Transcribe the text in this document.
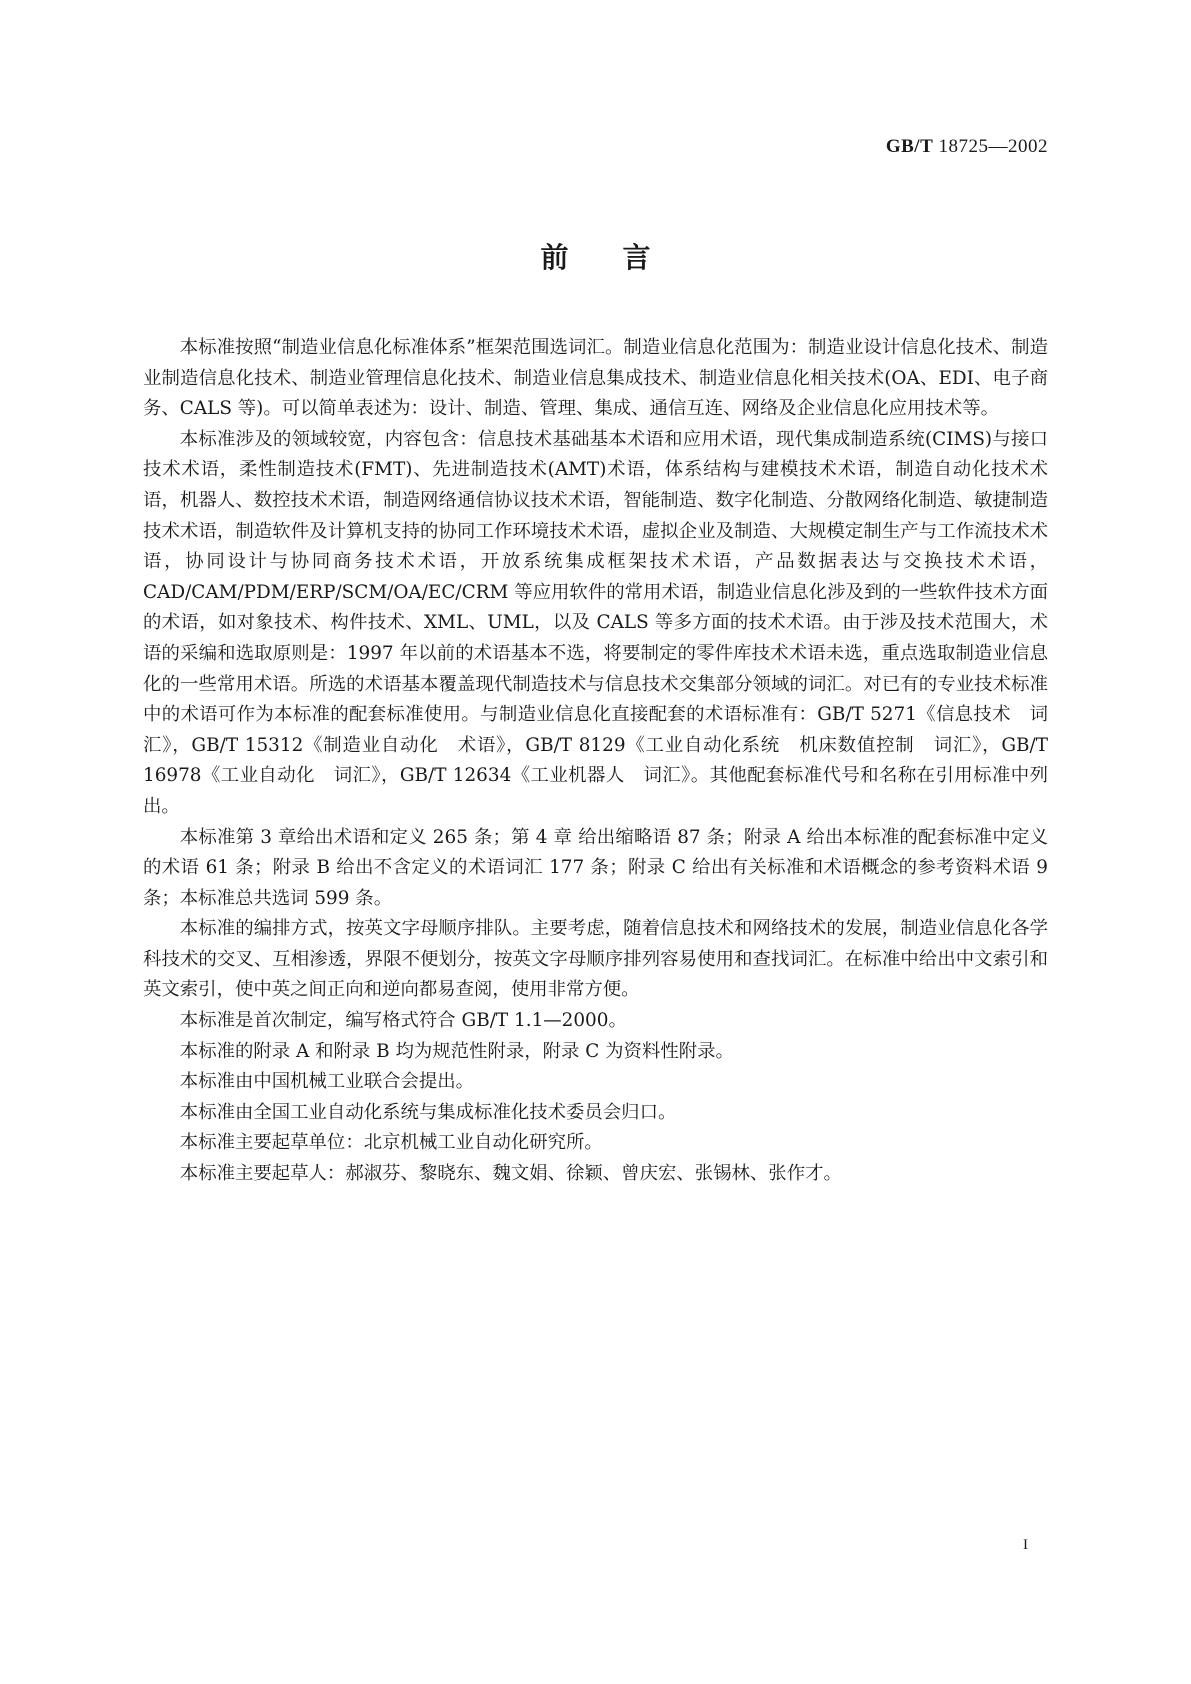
GB/T 18725—2002
前言

本标准按照“制造业信息化标准体系”框架范围选词汇。制造业信息化范围为：制造业设计信息化技术、制造业制造信息化技术、制造业管理信息化技术、制造业信息集成技术、制造业信息化相关技术(OA、EDI、电子商务、CALS 等)。可以简单表述为：设计、制造、管理、集成、通信互连、网络及企业信息化应用技术等。

本标准涉及的领域较宽，内容包含：信息技术基础基本术语和应用术语，现代集成制造系统(CIMS)与接口技术术语，柔性制造技术(FMT)、先进制造技术(AMT)术语，体系结构与建模技术术语，制造自动化技术术语，机器人、数控技术术语，制造网络通信协议技术术语，智能制造、数字化制造、分散网络化制造、敏捷制造技术术语，制造软件及计算机支持的协同工作环境技术术语，虚拟企业及制造、大规模定制生产与工作流技术术语，协同设计与协同商务技术术语，开放系统集成框架技术术语，产品数据表达与交换技术术语，CAD/CAM/PDM/ERP/SCM/OA/EC/CRM 等应用软件的常用术语，制造业信息化涉及到的一些软件技术方面的术语，如对象技术、构件技术、XML、UML，以及 CALS 等多方面的技术术语。由于涉及技术范围大，术语的采编和选取原则是：1997 年以前的术语基本不选，将要制定的零件库技术术语未选，重点选取制造业信息化的一些常用术语。所选的术语基本覆盖现代制造技术与信息技术交集部分领域的词汇。对已有的专业技术标准中的术语可作为本标准的配套标准使用。与制造业信息化直接配套的术语标准有：GB/T 5271《信息技术　词汇》，GB/T 15312《制造业自动化　术语》，GB/T 8129《工业自动化系统　机床数值控制　词汇》，GB/T 16978《工业自动化　词汇》，GB/T 12634《工业机器人　词汇》。其他配套标准代号和名称在引用标准中列出。

本标准第 3 章给出术语和定义 265 条；第 4 章 给出缩略语 87 条；附录 A 给出本标准的配套标准中定义的术语 61 条；附录 B 给出不含定义的术语词汇 177 条；附录 C 给出有关标准和术语概念的参考资料术语 9 条；本标准总共选词 599 条。

本标准的编排方式，按英文字母顺序排队。主要考虑，随着信息技术和网络技术的发展，制造业信息化各学科技术的交叉、互相渗透，界限不便划分，按英文字母顺序排列容易使用和查找词汇。在标准中给出中文索引和英文索引，使中英之间正向和逆向都易查阅，使用非常方便。

本标准是首次制定，编写格式符合 GB/T 1.1—2000。

本标准的附录 A 和附录 B 均为规范性附录，附录 C 为资料性附录。

本标准由中国机械工业联合会提出。

本标准由全国工业自动化系统与集成标准化技术委员会归口。

本标准主要起草单位：北京机械工业自动化研究所。

本标准主要起草人：郝淑芬、黎晓东、魏文娟、徐颖、曾庆宏、张锡林、张作才。

I
